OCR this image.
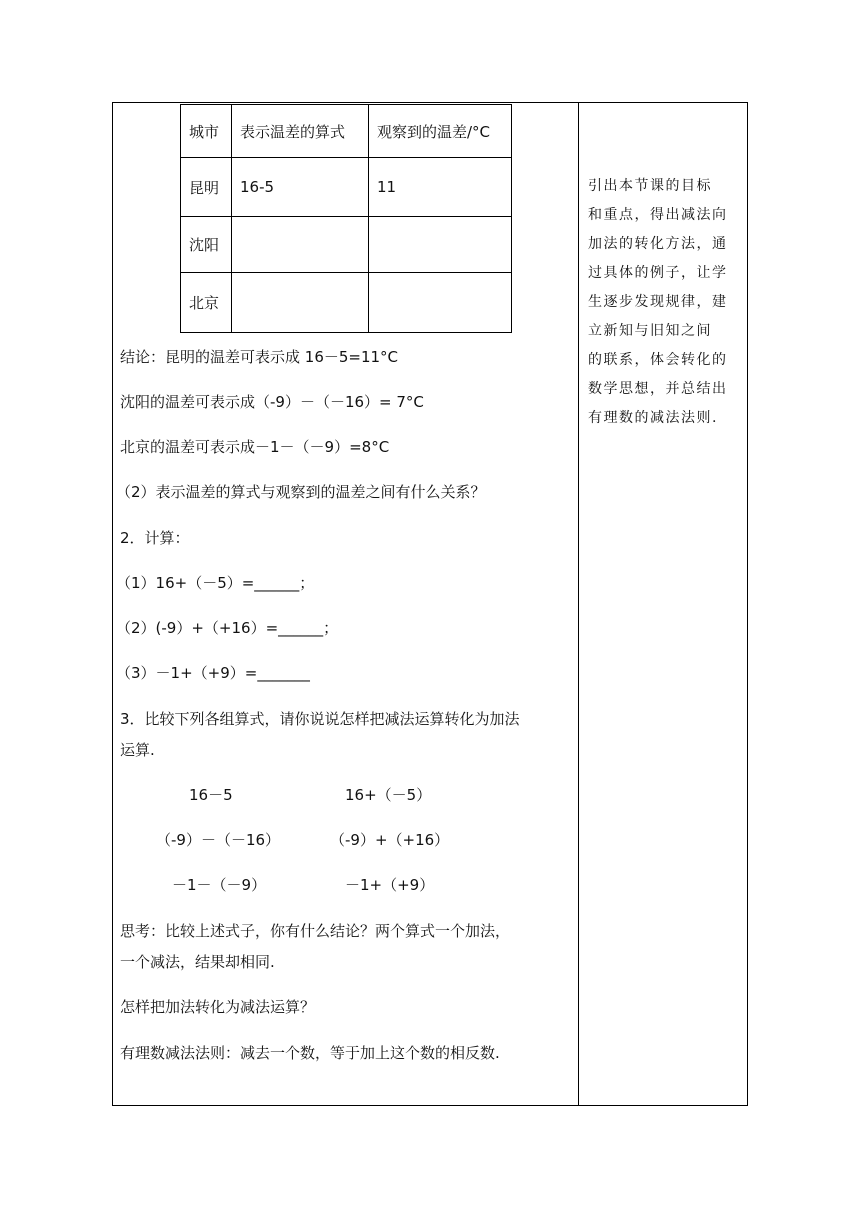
城市	表示温差的算式	观察到的温差/°C
昆明	16-5	11
沈阳		
北京		
结论：昆明的温差可表示成 16－5=11°C
沈阳的温差可表示成（-9）－（－16）= 7°C
北京的温差可表示成－1－（－9）=8°C
（2）表示温差的算式与观察到的温差之间有什么关系？
2．计算：
（1）16+（－5）=______；
（2）(-9）+（+16）=______；
（3）－1+（+9）=_______
3．比较下列各组算式，请你说说怎样把减法运算转化为加法
运算.
16－5	16+（－5）
（-9）－（－16）	（-9）+（+16）
－1－（－9）	－1+（+9）
思考：比较上述式子，你有什么结论？两个算式一个加法，
一个减法，结果却相同.
怎样把加法转化为减法运算？
有理数减法法则：减去一个数，等于加上这个数的相反数.
引出本节课的目标
和重点，得出减法向
加法的转化方法，通
过具体的例子，让学
生逐步发现规律，建
立新知与旧知之间
的联系，体会转化的
数学思想，并总结出
有理数的减法法则.
